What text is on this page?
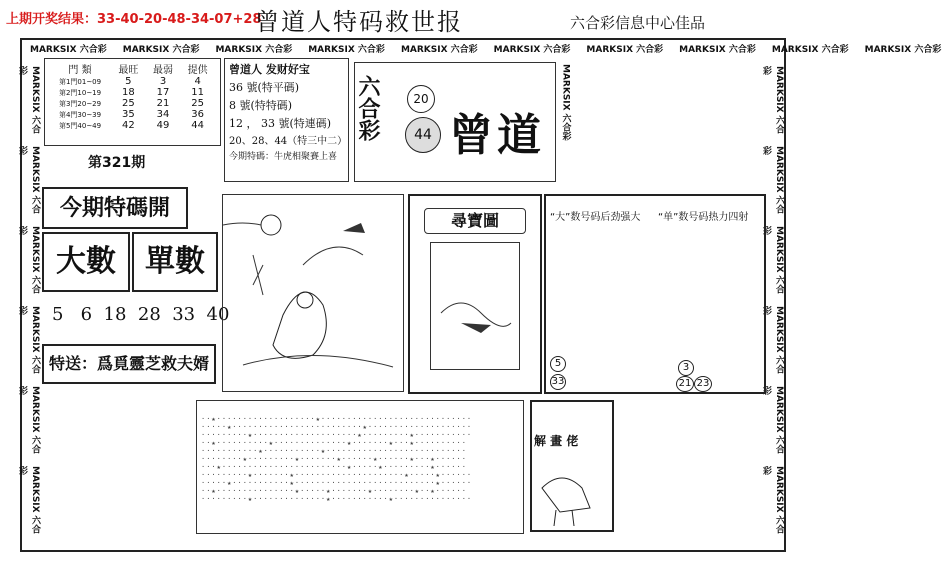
上期开奖结果：33-40-20-48-34-07+28
曾道人特码救世报	六合彩信息中心佳品
MARKSIX 六合彩	MARKSIX 六合彩	MARKSIX 六合彩	MARKSIX 六合彩	MARKSIX 六合彩	MARKSIX 六合彩	MARKSIX 六合彩	MARKSIX 六合彩	MARKSIX 六合彩	MARKSIX 六合彩
MARKSIX 六合彩
MARKSIX 六合彩
MARKSIX 六合彩
MARKSIX 六合彩
MARKSIX 六合彩
MARKSIX 六合彩
MARKSIX 六合彩
MARKSIX 六合彩
MARKSIX 六合彩
MARKSIX 六合彩
MARKSIX 六合彩
MARKSIX 六合彩
門 類	最旺	最弱	提供
第1門01~09	5	3	4
第2門10~19	18	17	11
第3門20~29	25	21	25
第4門30~39	35	34	36
第5門40~49	42	49	44
第321期
曾道人 发财好宝
36 號(特平碼)
8 號(特特碼)
12 ， 33 號(特連碼)
20、28、44（特三中二）
今期特碼：牛虎相聚賽上喜
六合彩	20
44 曾道 MARKSIX 六合彩
今期特碼開
大數 單數
5   6  18  28  33  40
特送：爲覓靈芝救夫婿
尋寶圖	“大”数号码后劲强大 “单”数号码热力四射
5
33
3
21 23

··★···················★·····························
·····★·························★····················
·········★····················★·········★···········
··★··········★··············★·······★···★··········
···········★···········★···························
········★·········★·······★······★······★···★······
···★························★·····★·········★······
·········★·······★·····················★·····★······
·····★···········★···························★······
··★···············★·····★·······★········★··★······
·········★··············★···········★···············

解 畫 佬
